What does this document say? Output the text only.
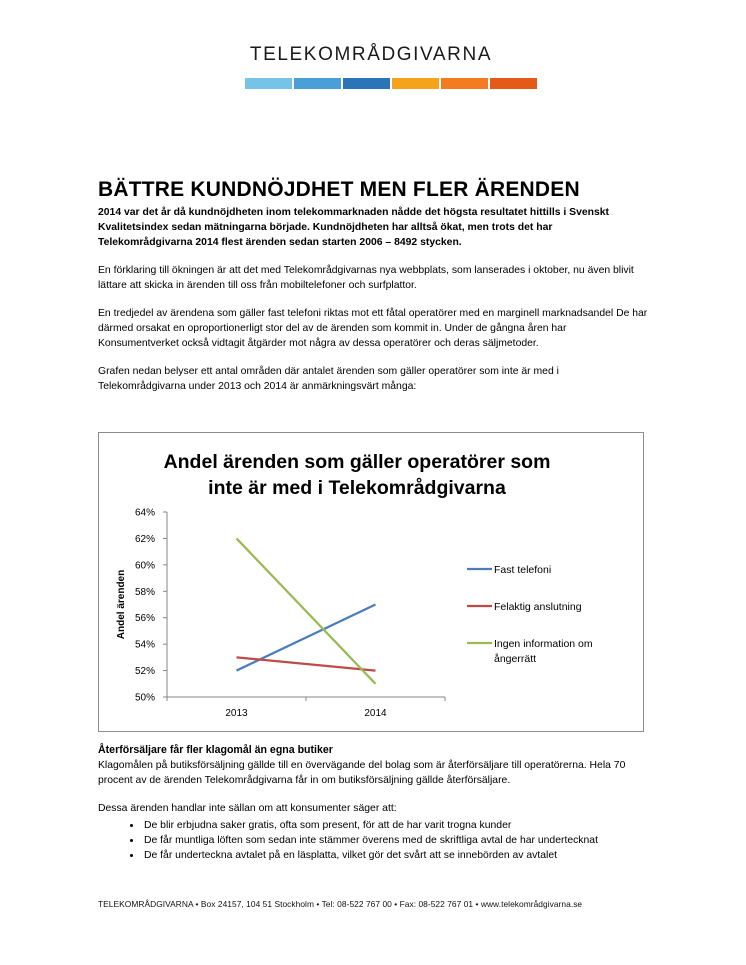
TELEKOMRÅDGIVARNA
BÄTTRE KUNDNÖJDHET MEN FLER ÄRENDEN

2014 var det år då kundnöjdheten inom telekommarknaden nådde det högsta resultatet hittills i Svenskt Kvalitetsindex sedan mätningarna började. Kundnöjdheten har alltså ökat, men trots det har Telekområdgivarna 2014 flest ärenden sedan starten 2006 – 8492 stycken.

En förklaring till ökningen är att det med Telekområdgivarnas nya webbplats, som lanserades i oktober, nu även blivit lättare att skicka in ärenden till oss från mobiltelefoner och surfplattor.

En tredjedel av ärendena som gäller fast telefoni riktas mot ett fåtal operatörer med en marginell marknadsandel De har därmed orsakat en oproportionerligt stor del av de ärenden som kommit in. Under de gångna åren har Konsumentverket också vidtagit åtgärder mot några av dessa operatörer och deras säljmetoder.

Grafen nedan belyser ett antal områden där antalet ärenden som gäller operatörer som inte är med i Telekområdgivarna under 2013 och 2014 är anmärkningsvärt många:

Andel ärenden som gäller operatörer som
inte är med i Telekområdgivarna
50%
52%
54%
56%
58%
60%
62%
64%
2013	2014
Andel ärenden	Fast telefoni
Felaktig anslutning
Ingen information om
ångerrätt
Återförsäljare får fler klagomål än egna butiker

Klagomålen på butiksförsäljning gällde till en övervägande del bolag som är återförsäljare till operatörerna. Hela 70 procent av de ärenden Telekområdgivarna får in om butiksförsäljning gällde återförsäljare.

Dessa ärenden handlar inte sällan om att konsumenter säger att:

• De blir erbjudna saker gratis, ofta som present, för att de har varit trogna kunder
• De får muntliga löften som sedan inte stämmer överens med de skriftliga avtal de har undertecknat
• De får underteckna avtalet på en läsplatta, vilket gör det svårt att se innebörden av avtalet
TELEKOMRÅDGIVARNA • Box 24157, 104 51 Stockholm • Tel: 08-522 767 00 • Fax: 08-522 767 01 • www.telekområdgivarna.se
